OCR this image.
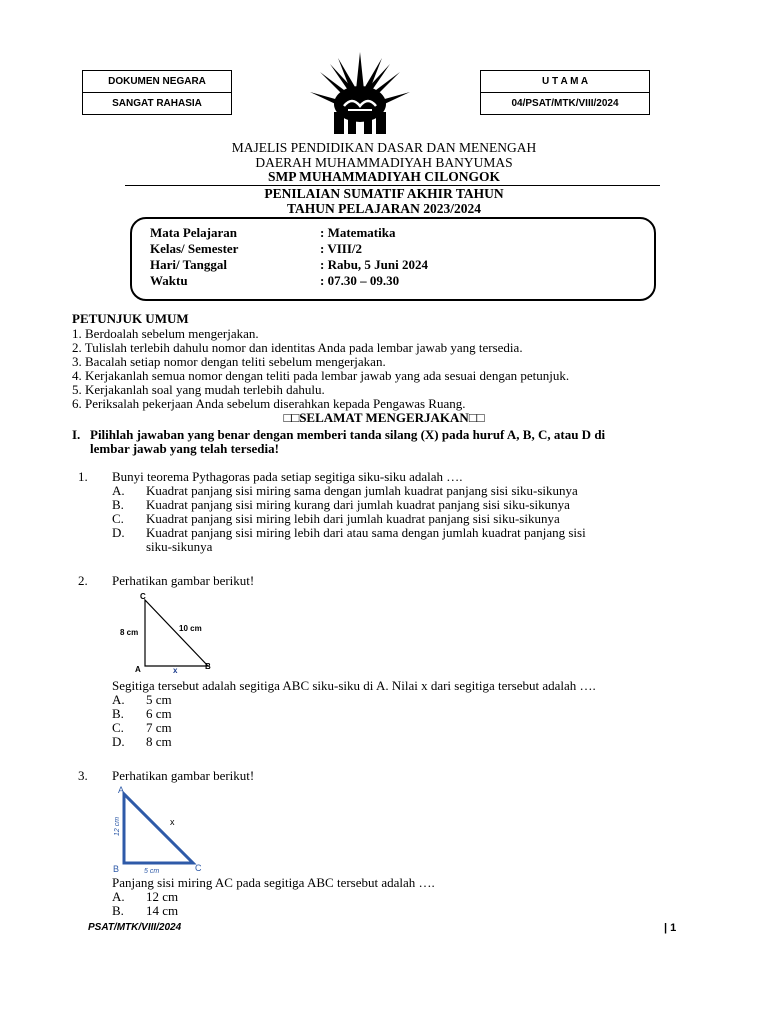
DOKUMEN NEGARA
SANGAT RAHASIA
U T A M A
04/PSAT/MTK/VIII/2024
MAJELIS PENDIDIKAN DASAR DAN MENENGAH
DAERAH MUHAMMADIYAH BANYUMAS
SMP MUHAMMADIYAH CILONGOK
PENILAIAN SUMATIF AKHIR TAHUN
TAHUN PELAJARAN 2023/2024
Mata Pelajaran	: Matematika
Kelas/ Semester	: VIII/2
Hari/ Tanggal	: Rabu, 5 Juni 2024
Waktu	: 07.30 – 09.30
PETUNJUK UMUM
1. Berdoalah sebelum mengerjakan.
2. Tulislah terlebih dahulu nomor dan identitas Anda pada lembar jawab yang tersedia.
3. Bacalah setiap nomor dengan teliti sebelum mengerjakan.
4. Kerjakanlah semua nomor dengan teliti pada lembar jawab yang ada sesuai dengan petunjuk.
5. Kerjakanlah soal yang mudah terlebih dahulu.
6. Periksalah pekerjaan Anda sebelum diserahkan kepada Pengawas Ruang.
□□SELAMAT MENGERJAKAN□□
I. Pilihlah jawaban yang benar dengan memberi tanda silang (X) pada huruf A, B, C, atau D di
lembar jawab yang telah tersedia!
1. Bunyi teorema Pythagoras pada setiap segitiga siku-siku adalah ….
A. Kuadrat panjang sisi miring sama dengan jumlah kuadrat panjang sisi siku-sikunya
B. Kuadrat panjang sisi miring kurang dari jumlah kuadrat panjang sisi siku-sikunya
C. Kuadrat panjang sisi miring lebih dari jumlah kuadrat panjang sisi siku-sikunya
D. Kuadrat panjang sisi miring lebih dari atau sama dengan jumlah kuadrat panjang sisi
siku-sikunya
2. Perhatikan gambar berikut!
C
A	B
8 cm	10 cm
x
Segitiga tersebut adalah segitiga ABC siku-siku di A. Nilai x dari segitiga tersebut adalah ….
A. 5 cm
B. 6 cm
C. 7 cm
D. 8 cm
3. Perhatikan gambar berikut!
A
B	C
12 cm
5 cm
x
Panjang sisi miring AC pada segitiga ABC tersebut adalah ….
A. 12 cm
B. 14 cm
PSAT/MTK/VIII/2024	| 1
